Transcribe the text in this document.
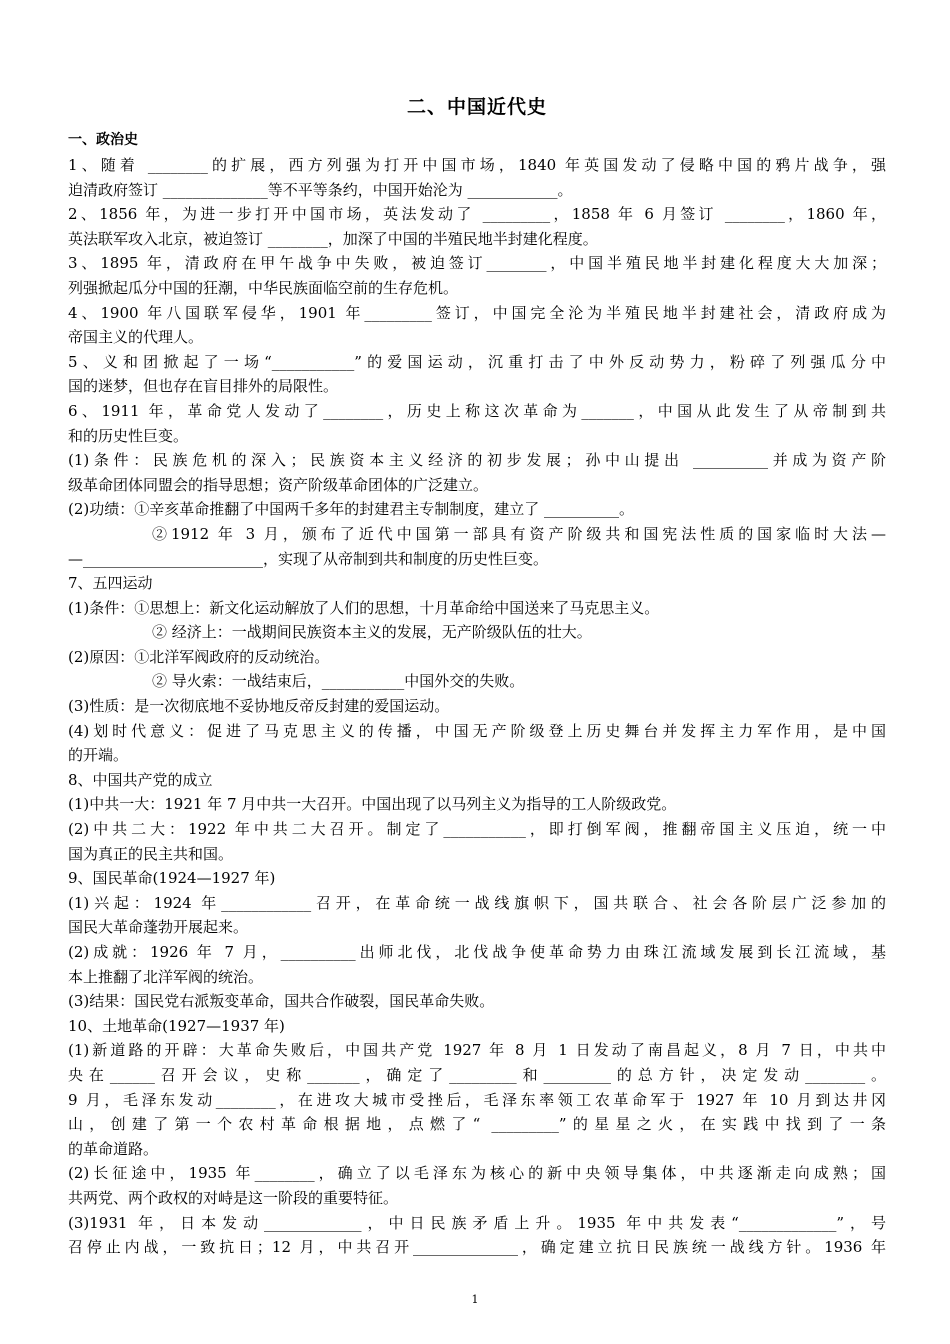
二、中国近代史
一、政治史

1、随着 ________的扩展，西方列强为打开中国市场，1840 年英国发动了侵略中国的鸦片战争，强

迫清政府签订 ______________等不平等条约，中国开始沦为 ____________。

2、1856 年，为进一步打开中国市场，英法发动了 _________，1858 年 6 月签订 ________，1860 年，

英法联军攻入北京，被迫签订 ________，加深了中国的半殖民地半封建化程度。

3、1895 年，清政府在甲午战争中失败，被迫签订________，中国半殖民地半封建化程度大大加深；

列强掀起瓜分中国的狂潮，中华民族面临空前的生存危机。

4、1900 年八国联军侵华，1901 年_________签订，中国完全沦为半殖民地半封建社会，清政府成为

帝国主义的代理人。

5、义和团掀起了一场“___________”的爱国运动，沉重打击了中外反动势力，粉碎了列强瓜分中

国的迷梦，但也存在盲目排外的局限性。

6、1911 年，革命党人发动了________，历史上称这次革命为_______，中国从此发生了从帝制到共

和的历史性巨变。

(1)条件：民族危机的深入；民族资本主义经济的初步发展；孙中山提出 __________并成为资产阶

级革命团体同盟会的指导思想；资产阶级革命团体的广泛建立。

(2)功绩：①辛亥革命推翻了中国两千多年的封建君主专制制度，建立了 __________。

②1912 年 3 月，颁布了近代中国第一部具有资产阶级共和国宪法性质的国家临时大法—

—________________________，实现了从帝制到共和制度的历史性巨变。

7、五四运动

(1)条件：①思想上：新文化运动解放了人们的思想，十月革命给中国送来了马克思主义。

② 经济上：一战期间民族资本主义的发展，无产阶级队伍的壮大。

(2)原因：①北洋军阀政府的反动统治。

② 导火索：一战结束后，___________中国外交的失败。

(3)性质：是一次彻底地不妥协地反帝反封建的爱国运动。

(4)划时代意义：促进了马克思主义的传播，中国无产阶级登上历史舞台并发挥主力军作用，是中国

的开端。

8、中国共产党的成立

(1)中共一大：1921 年 7 月中共一大召开。中国出现了以马列主义为指导的工人阶级政党。

(2)中共二大：1922 年中共二大召开。制定了___________，即打倒军阀，推翻帝国主义压迫，统一中

国为真正的民主共和国。

9、国民革命(1924—1927 年)

(1)兴起：1924 年____________召开，在革命统一战线旗帜下，国共联合、社会各阶层广泛参加的

国民大革命蓬勃开展起来。

(2)成就：1926 年 7 月，__________出师北伐，北伐战争使革命势力由珠江流域发展到长江流域，基

本上推翻了北洋军阀的统治。

(3)结果：国民党右派叛变革命，国共合作破裂，国民革命失败。

10、土地革命(1927—1937 年)

(1)新道路的开辟：大革命失败后，中国共产党 1927 年 8 月 1 日发动了南昌起义，8 月 7 日，中共中

央在______召开会议，史称_______，确定了_________和_________的总方针，决定发动________。

9 月，毛泽东发动________，在进攻大城市受挫后，毛泽东率领工农革命军于 1927 年 10 月到达井冈

山，创建了第一个农村革命根据地，点燃了“ _________”的星星之火，在实践中找到了一条

的革命道路。

(2)长征途中，1935 年________，确立了以毛泽东为核心的新中央领导集体，中共逐渐走向成熟；国

共两党、两个政权的对峙是这一阶段的重要特征。

(3)1931 年，日本发动_____________，中日民族矛盾上升。1935 年中共发表“_____________”，号

召停止内战，一致抗日；12 月，中共召开______________，确定建立抗日民族统一战线方针。1936 年

1
